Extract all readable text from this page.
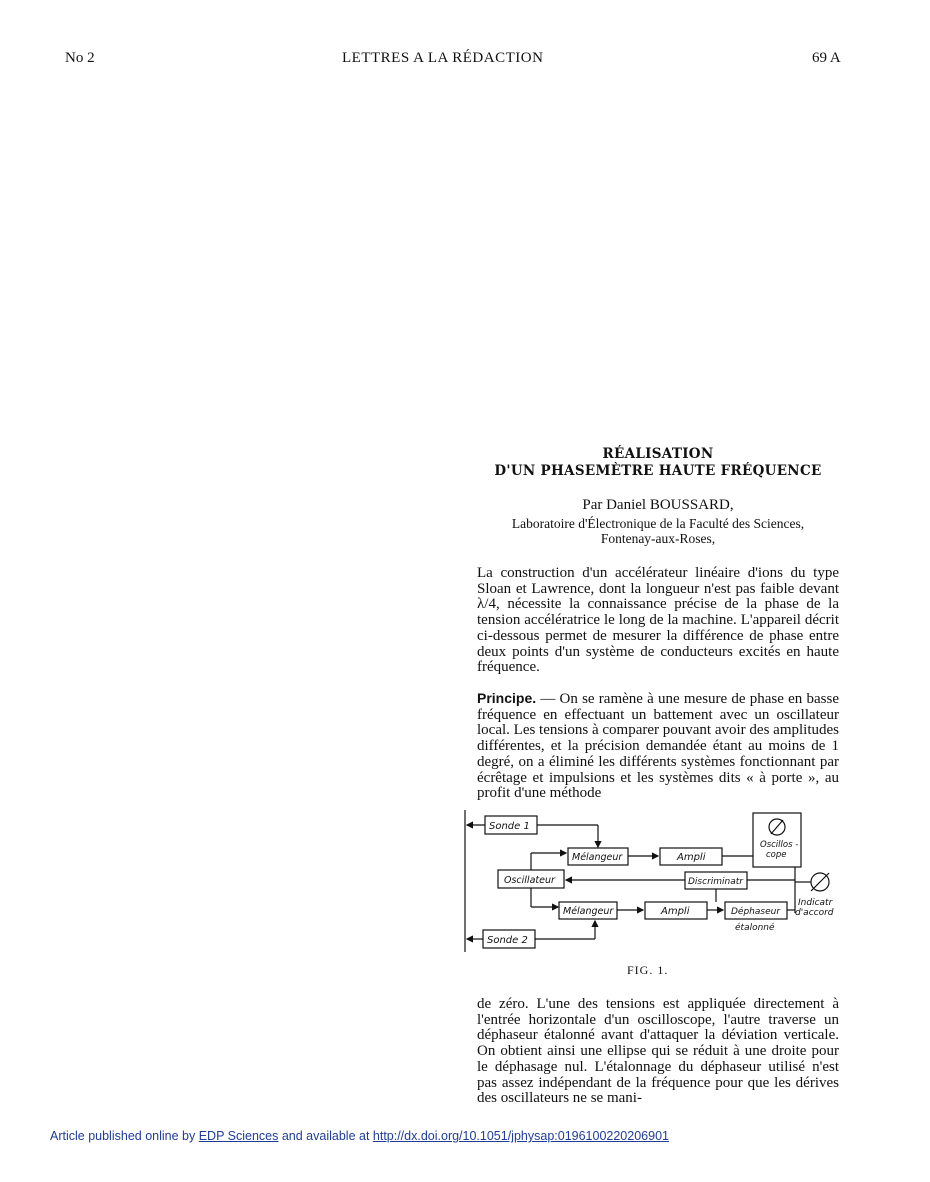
No 2	LETTRES A LA RÉDACTION	69 A
RÉALISATION
D'UN PHASEMÈTRE HAUTE FRÉQUENCE
Par Daniel BOUSSARD,
Laboratoire d'Électronique de la Faculté des Sciences,
Fontenay-aux-Roses,

La construction d'un accélérateur linéaire d'ions du type Sloan et Lawrence, dont la longueur n'est pas faible devant λ/4, nécessite la connaissance précise de la phase de la tension accélératrice le long de la machine. L'appareil décrit ci-dessous permet de mesurer la différence de phase entre deux points d'un système de conducteurs excités en haute fréquence.

Principe. — On se ramène à une mesure de phase en basse fréquence en effectuant un battement avec un oscillateur local. Les tensions à comparer pouvant avoir des amplitudes différentes, et la précision demandée étant au moins de 1 degré, on a éliminé les différents systèmes fonctionnant par écrêtage et impulsions et les systèmes dits « à porte », au profit d'une méthode

Sonde 1
Mélangeur	Ampli
Oscillateur	Discriminatr
Oscillos -
cope
Indicatr
d'accord
Mélangeur	Ampli	Déphaseur
étalonné
Sonde 2
FIG. 1.

de zéro. L'une des tensions est appliquée directement à l'entrée horizontale d'un oscilloscope, l'autre traverse un déphaseur étalonné avant d'attaquer la déviation verticale. On obtient ainsi une ellipse qui se réduit à une droite pour le déphasage nul. L'étalonnage du déphaseur utilisé n'est pas assez indépendant de la fréquence pour que les dérives des oscillateurs ne se mani-

Article published online by EDP Sciences and available at http://dx.doi.org/10.1051/jphysap:0196100220206901
